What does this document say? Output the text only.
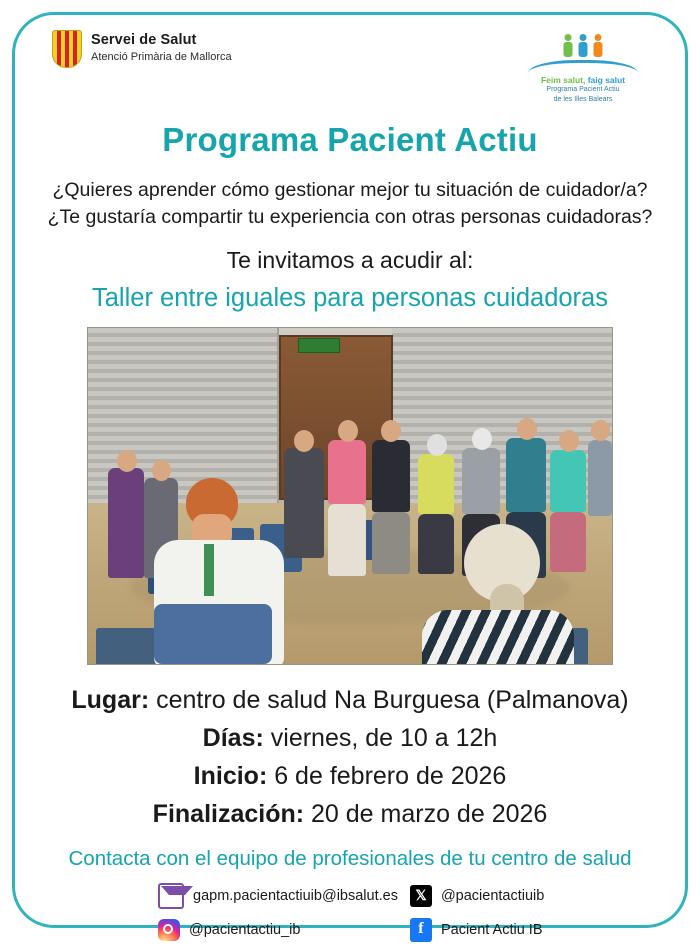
Servei de Salut
Atenció Primària de Mallorca
Feim salut, faig salut
Programa Pacient Actiu
de les Illes Balears
Programa Pacient Actiu
¿Quieres aprender cómo gestionar mejor tu situación de cuidador/a?
¿Te gustaría compartir tu experiencia con otras personas cuidadoras?
Te invitamos a acudir al:
Taller entre iguales para personas cuidadoras
Lugar: centro de salud Na Burguesa (Palmanova)
Días: viernes, de 10 a 12h
Inicio: 6 de febrero de 2026
Finalización: 20 de marzo de 2026
Contacta con el equipo de profesionales de tu centro de salud
gapm.pacientactiuib@ibsalut.es	𝕏 @pacientactiuib
@pacientactiu_ib	f	Pacient Actiu IB
